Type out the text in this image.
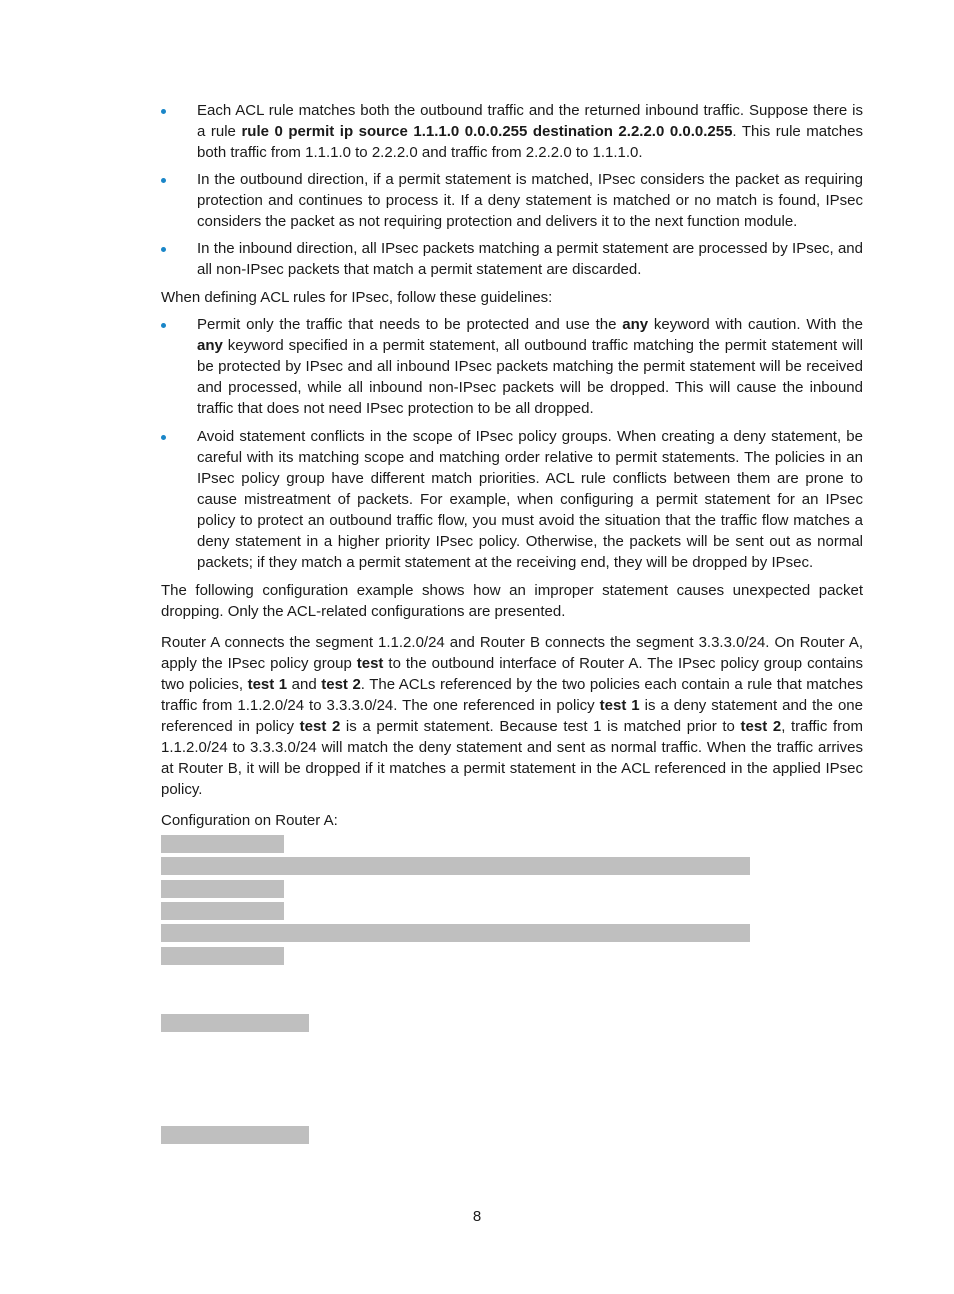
Each ACL rule matches both the outbound traffic and the returned inbound traffic. Suppose there is a rule rule 0 permit ip source 1.1.1.0 0.0.0.255 destination 2.2.2.0 0.0.0.255. This rule matches both traffic from 1.1.1.0 to 2.2.2.0 and traffic from 2.2.2.0 to 1.1.1.0.
In the outbound direction, if a permit statement is matched, IPsec considers the packet as requiring protection and continues to process it. If a deny statement is matched or no match is found, IPsec considers the packet as not requiring protection and delivers it to the next function module.
In the inbound direction, all IPsec packets matching a permit statement are processed by IPsec, and all non-IPsec packets that match a permit statement are discarded.

When defining ACL rules for IPsec, follow these guidelines:

Permit only the traffic that needs to be protected and use the any keyword with caution. With the any keyword specified in a permit statement, all outbound traffic matching the permit statement will be protected by IPsec and all inbound IPsec packets matching the permit statement will be received and processed, while all inbound non-IPsec packets will be dropped. This will cause the inbound traffic that does not need IPsec protection to be all dropped.
Avoid statement conflicts in the scope of IPsec policy groups. When creating a deny statement, be careful with its matching scope and matching order relative to permit statements. The policies in an IPsec policy group have different match priorities. ACL rule conflicts between them are prone to cause mistreatment of packets. For example, when configuring a permit statement for an IPsec policy to protect an outbound traffic flow, you must avoid the situation that the traffic flow matches a deny statement in a higher priority IPsec policy. Otherwise, the packets will be sent out as normal packets; if they match a permit statement at the receiving end, they will be dropped by IPsec.

The following configuration example shows how an improper statement causes unexpected packet dropping. Only the ACL-related configurations are presented.

Router A connects the segment 1.1.2.0/24 and Router B connects the segment 3.3.3.0/24. On Router A, apply the IPsec policy group test to the outbound interface of Router A. The IPsec policy group contains two policies, test 1 and test 2. The ACLs referenced by the two policies each contain a rule that matches traffic from 1.1.2.0/24 to 3.3.3.0/24. The one referenced in policy test 1 is a deny statement and the one referenced in policy test 2 is a permit statement. Because test 1 is matched prior to test 2, traffic from 1.1.2.0/24 to 3.3.3.0/24 will match the deny statement and sent as normal traffic. When the traffic arrives at Router B, it will be dropped if it matches a permit statement in the ACL referenced in the applied IPsec policy.

Configuration on Router A:

8
